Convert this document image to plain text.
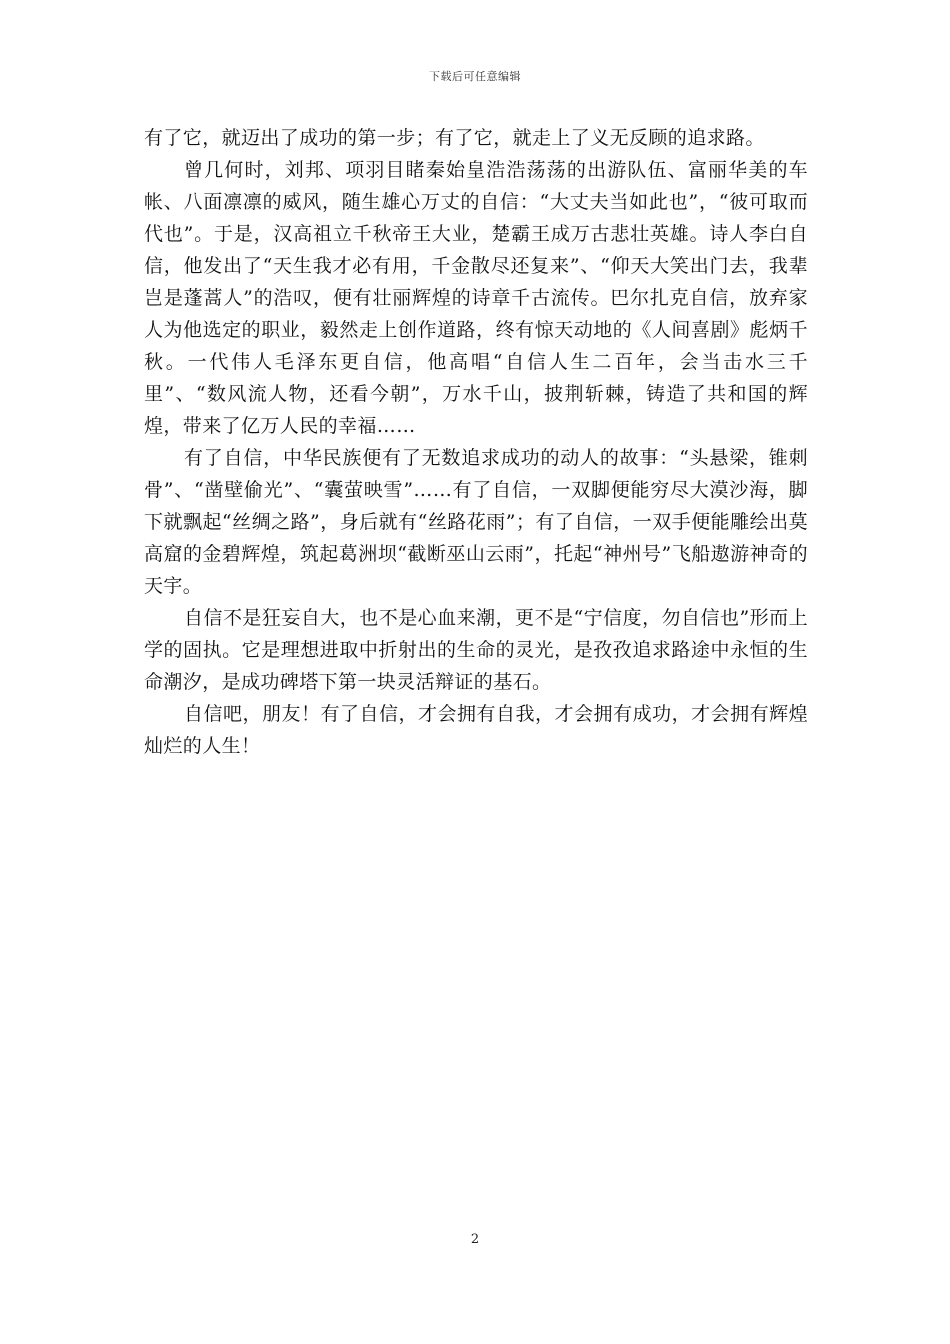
下载后可任意编辑

有了它，就迈出了成功的第一步；有了它，就走上了义无反顾的追求路。

曾几何时，刘邦、项羽目睹秦始皇浩浩荡荡的出游队伍、富丽华美的车帐、八面凛凛的威风，随生雄心万丈的自信：“大丈夫当如此也”，“彼可取而代也”。于是，汉高祖立千秋帝王大业，楚霸王成万古悲壮英雄。诗人李白自信，他发出了“天生我才必有用，千金散尽还复来”、“仰天大笑出门去，我辈岂是蓬蒿人”的浩叹，便有壮丽辉煌的诗章千古流传。巴尔扎克自信，放弃家人为他选定的职业，毅然走上创作道路，终有惊天动地的《人间喜剧》彪炳千秋。一代伟人毛泽东更自信，他高唱“自信人生二百年，会当击水三千里”、“数风流人物，还看今朝”，万水千山，披荆斩棘，铸造了共和国的辉煌，带来了亿万人民的幸福……

有了自信，中华民族便有了无数追求成功的动人的故事：“头悬梁，锥刺骨”、“凿壁偷光”、“囊萤映雪”……有了自信，一双脚便能穷尽大漠沙海，脚下就飘起“丝绸之路”，身后就有“丝路花雨”；有了自信，一双手便能雕绘出莫高窟的金碧辉煌，筑起葛洲坝“截断巫山云雨”，托起“神州号”飞船遨游神奇的天宇。

自信不是狂妄自大，也不是心血来潮，更不是“宁信度，勿自信也”形而上学的固执。它是理想进取中折射出的生命的灵光，是孜孜追求路途中永恒的生命潮汐，是成功碑塔下第一块灵活辩证的基石。

自信吧，朋友！有了自信，才会拥有自我，才会拥有成功，才会拥有辉煌灿烂的人生！

2
